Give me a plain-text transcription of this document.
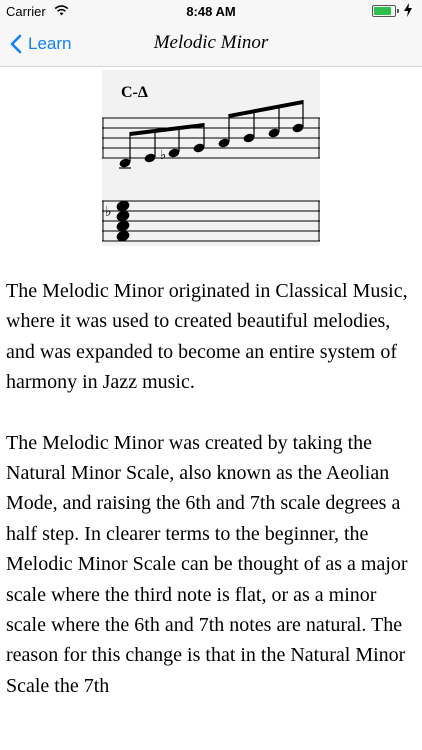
Carrier	8:48 AM
Learn	Melodic Minor
C-Δ
♭
♭

The Melodic Minor originated in Classical Music, where it was used to created beautiful melodies, and was expanded to become an entire system of harmony in Jazz music.

The Melodic Minor was created by taking the Natural Minor Scale, also known as the Aeolian Mode, and raising the 6th and 7th scale degrees a half step. In clearer terms to the beginner, the Melodic Minor Scale can be thought of as a major scale where the third note is flat, or as a minor scale where the 6th and 7th notes are natural. The reason for this change is that in the Natural Minor Scale the 7th
